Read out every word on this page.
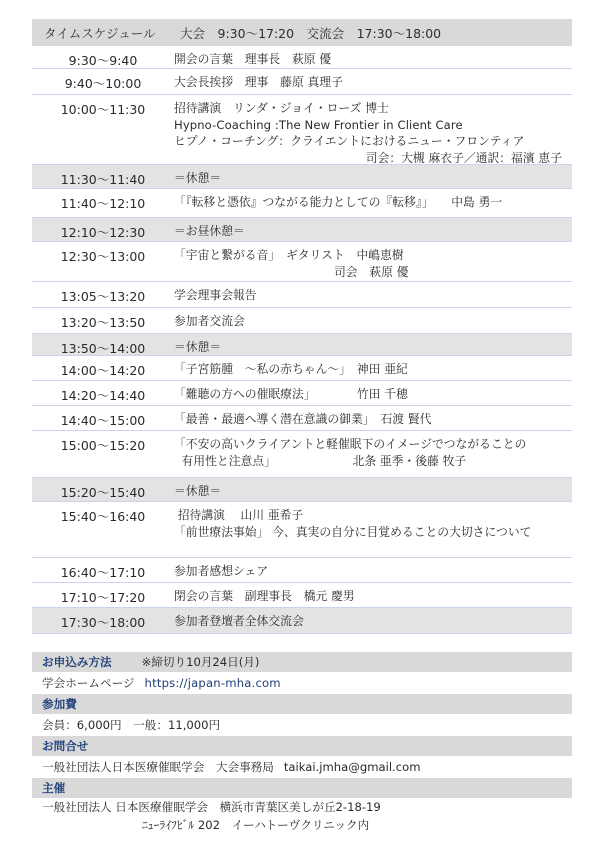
タイムスケジュール	大会　9:30〜17:20　交流会　17:30〜18:00
9:30〜9:40	開会の言葉　理事長　萩原 優
9:40〜10:00	大会長挨拶　理事　藤原 真理子
10:00〜11:30	招待講演　リンダ・ジョイ・ローズ 博士
Hypno-Coaching :The New Frontier in Client Care
ヒプノ・コーチング：クライエントにおけるニュー・フロンティア
司会：大槻 麻衣子／通訳：福濱 恵子
11:30〜11:40	＝休憩＝
11:40〜12:10	「『転移と憑依』つながる能力としての『転移』」　　中島 勇一
12:10〜12:30	＝お昼休憩＝
12:30〜13:00	「宇宙と繋がる音」　ギタリスト　中嶋恵樹
司会　萩原 優
13:05〜13:20	学会理事会報告
13:20〜13:50	参加者交流会
13:50〜14:00	＝休憩＝
14:00〜14:20	「子宮筋腫　〜私の赤ちゃん〜」　神田 亜紀
14:20〜14:40	「難聴の方への催眠療法」　　　　竹田 千穂
14:40〜15:00	「最善・最適へ導く潜在意識の御業」　石渡 賢代
15:00〜15:20	「不安の高いクライアントと軽催眠下のイメージでつながることの
有用性と注意点」　　　　　　　北条 亜季・後藤 牧子
15:20〜15:40	＝休憩＝
15:40〜16:40	招待講演　 山川 亜希子
「前世療法事始」 今、真実の自分に目覚めることの大切さについて
16:40〜17:10	参加者感想シェア
17:10〜17:20	閉会の言葉　副理事長　橋元 慶男
17:30〜18:00	参加者登壇者全体交流会
お申込み方法	※締切り10月24日(月)
学会ホームページ https://japan-mha.com
参加費
会員：6,000円　一般：11,000円
お問合せ
一般社団法人日本医療催眠学会　大会事務局 taikai.jmha@gmail.com
主催
一般社団法人 日本医療催眠学会　横浜市青葉区美しが丘2-18-19
ﾆｭｰﾗｲﾌﾋﾞﾙ 202　イーハトーヴクリニック内
